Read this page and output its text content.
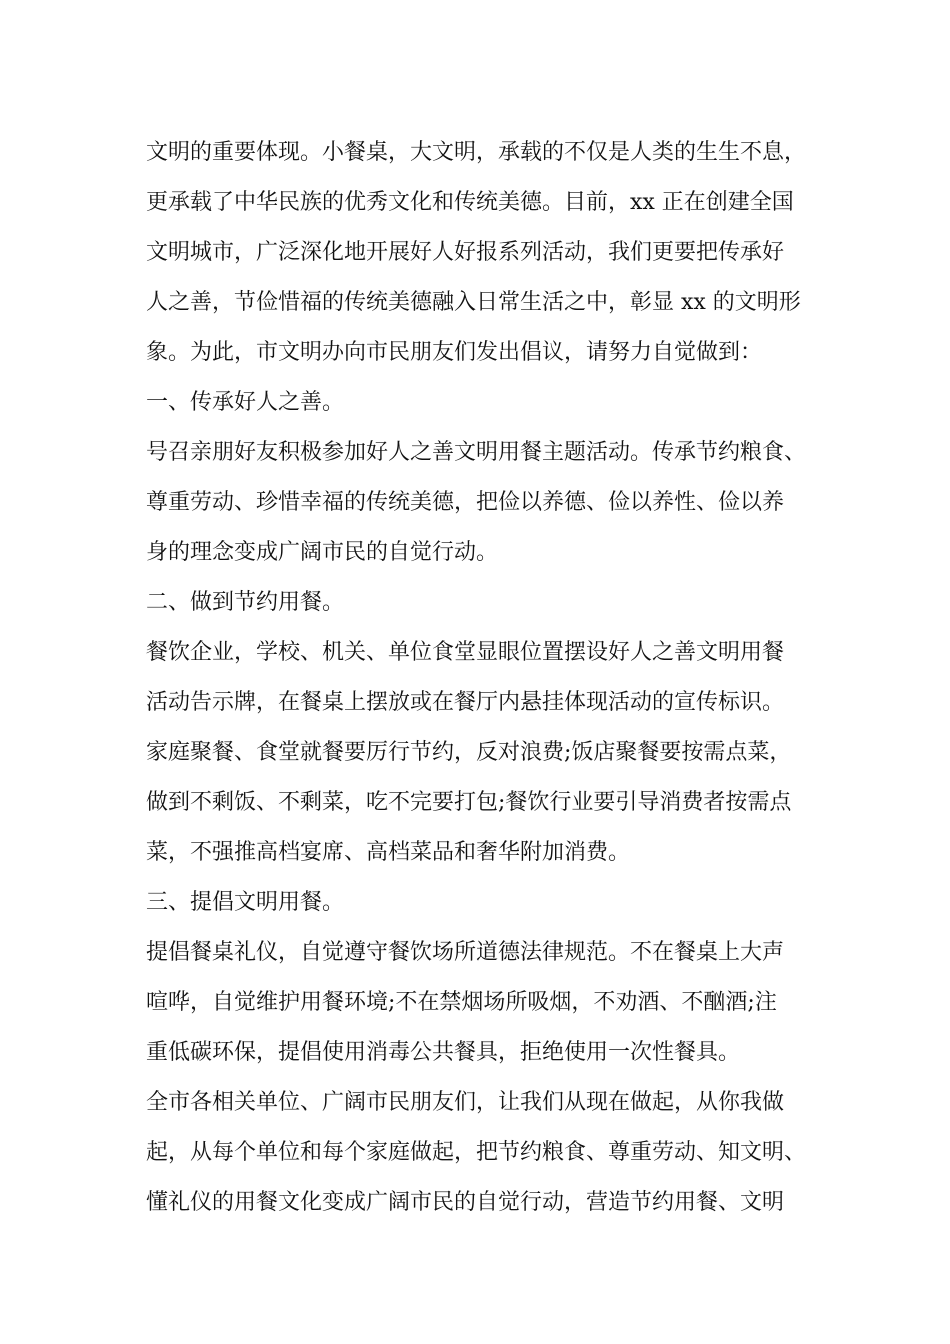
文明的重要体现。小餐桌，大文明，承载的不仅是人类的生生不息，
更承载了中华民族的优秀文化和传统美德。目前，xx 正在创建全国
文明城市，广泛深化地开展好人好报系列活动，我们更要把传承好
人之善，节俭惜福的传统美德融入日常生活之中，彰显 xx 的文明形
象。为此，市文明办向市民朋友们发出倡议，请努力自觉做到：
一、传承好人之善。
号召亲朋好友积极参加好人之善文明用餐主题活动。传承节约粮食、
尊重劳动、珍惜幸福的传统美德，把俭以养德、俭以养性、俭以养
身的理念变成广阔市民的自觉行动。
二、做到节约用餐。
餐饮企业，学校、机关、单位食堂显眼位置摆设好人之善文明用餐
活动告示牌，在餐桌上摆放或在餐厅内悬挂体现活动的宣传标识。
家庭聚餐、食堂就餐要厉行节约，反对浪费;饭店聚餐要按需点菜，
做到不剩饭、不剩菜，吃不完要打包;餐饮行业要引导消费者按需点
菜，不强推高档宴席、高档菜品和奢华附加消费。
三、提倡文明用餐。
提倡餐桌礼仪，自觉遵守餐饮场所道德法律规范。不在餐桌上大声
喧哗，自觉维护用餐环境;不在禁烟场所吸烟，不劝酒、不酗酒;注
重低碳环保，提倡使用消毒公共餐具，拒绝使用一次性餐具。
全市各相关单位、广阔市民朋友们，让我们从现在做起，从你我做
起，从每个单位和每个家庭做起，把节约粮食、尊重劳动、知文明、
懂礼仪的用餐文化变成广阔市民的自觉行动，营造节约用餐、文明
